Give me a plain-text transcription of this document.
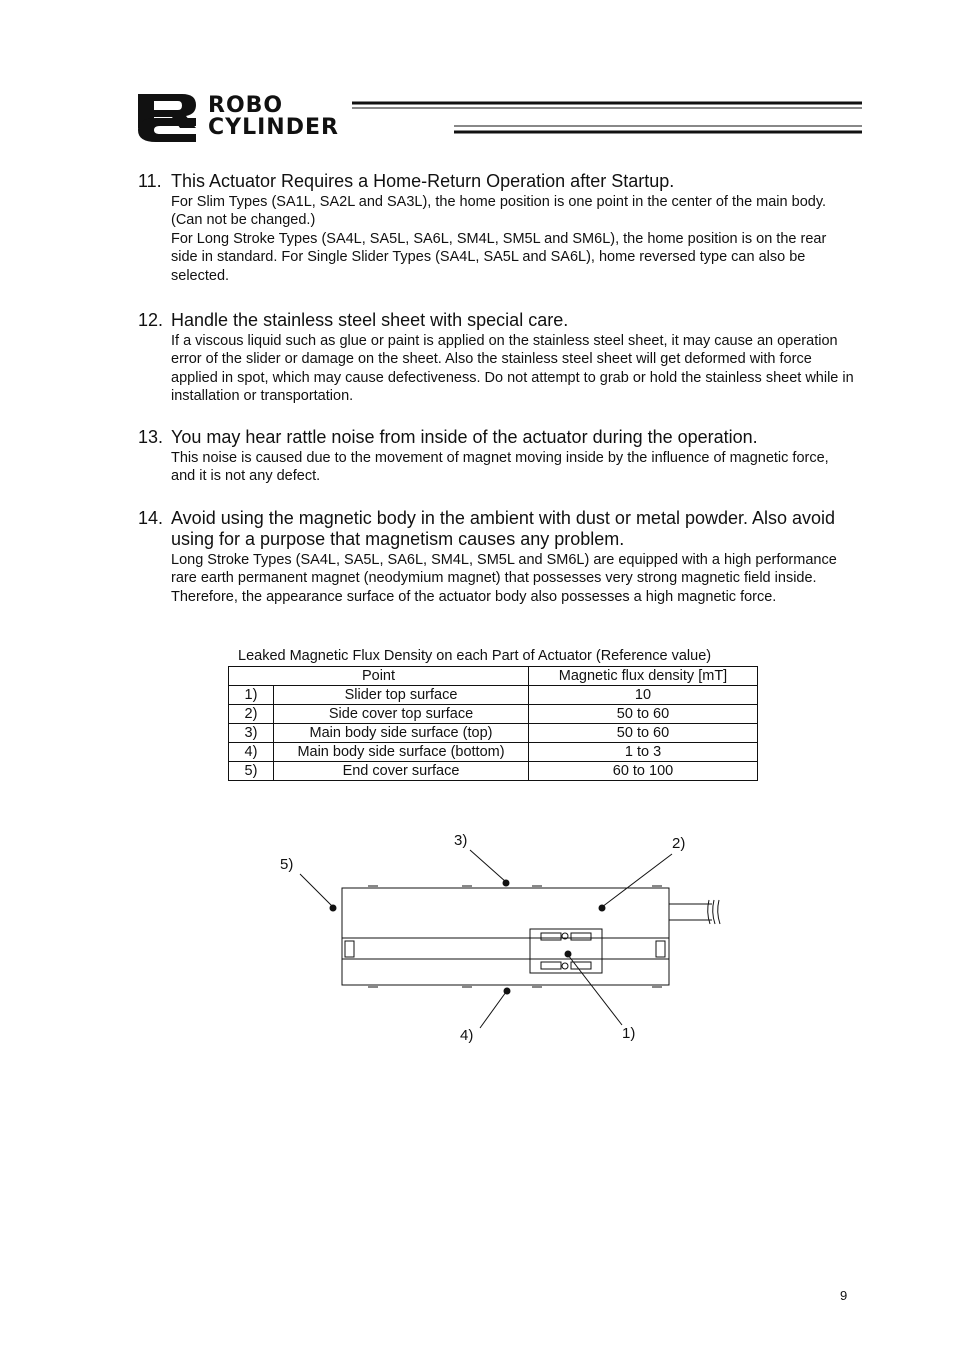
ROBO
CYLINDER
11. This Actuator Requires a Home-Return Operation after Startup.
For Slim Types (SA1L, SA2L and SA3L), the home position is one point in the center of the main body.(Can not be changed.)
For Long Stroke Types (SA4L, SA5L, SA6L, SM4L, SM5L and SM6L), the home position is on the rear side in standard. For Single Slider Types (SA4L, SA5L and SA6L), home reversed type can also be selected.
12. Handle the stainless steel sheet with special care.
If a viscous liquid such as glue or paint is applied on the stainless steel sheet, it may cause an operation error of the slider or damage on the sheet. Also the stainless steel sheet will get deformed with force applied in spot, which may cause defectiveness. Do not attempt to grab or hold the stainless sheet while in installation or transportation.
13. You may hear rattle noise from inside of the actuator during the operation.
This noise is caused due to the movement of magnet moving inside by the influence of magnetic force, and it is not any defect.
14. Avoid using the magnetic body in the ambient with dust or metal powder. Also avoid using for a purpose that magnetism causes any problem.
Long Stroke Types (SA4L, SA5L, SA6L, SM4L, SM5L and SM6L) are equipped with a high performance rare earth permanent magnet (neodymium magnet) that possesses very strong magnetic field inside. Therefore, the appearance surface of the actuator body also possesses a high magnetic force.
Leaked Magnetic Flux Density on each Part of Actuator (Reference value)
Point		Magnetic flux density [mT]
1)	Slider top surface	10
2)	Side cover top surface	50 to 60
3)	Main body side surface (top)	50 to 60
4)	Main body side surface (bottom)	1 to 3
5)	End cover surface	60 to 100
1)
2)
3)
4)
5)
9
